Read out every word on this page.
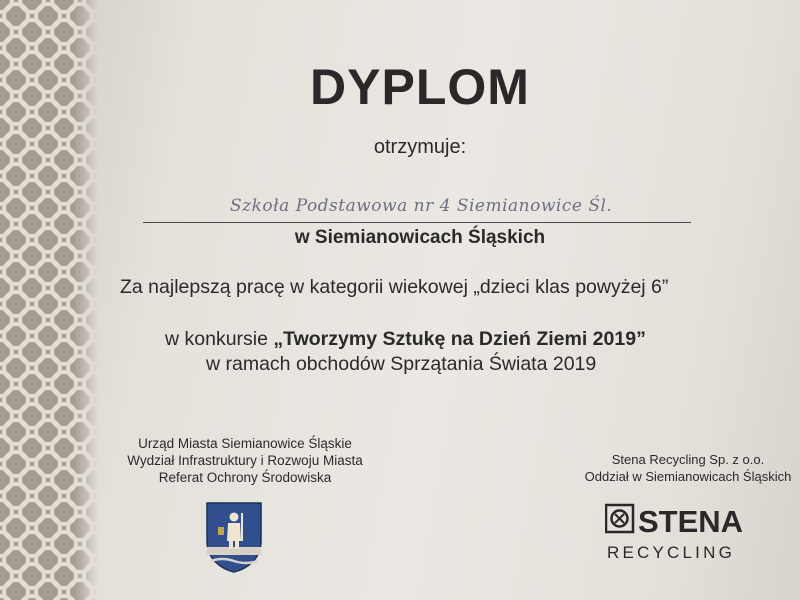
DYPLOM
otrzymuje:
Szkoła Podstawowa nr 4 Siemianowice Śl.
w Siemianowicach Śląskich
Za najlepszą pracę w kategorii wiekowej „dzieci klas powyżej 6”
w konkursie „Tworzymy Sztukę na Dzień Ziemi 2019”
w ramach obchodów Sprzątania Świata 2019
Urząd Miasta Siemianowice Śląskie
Wydział Infrastruktury i Rozwoju Miasta
Referat Ochrony Środowiska
Stena Recycling Sp. z o.o.
Oddział w Siemianowicach Śląskich
STENA
RECYCLING
